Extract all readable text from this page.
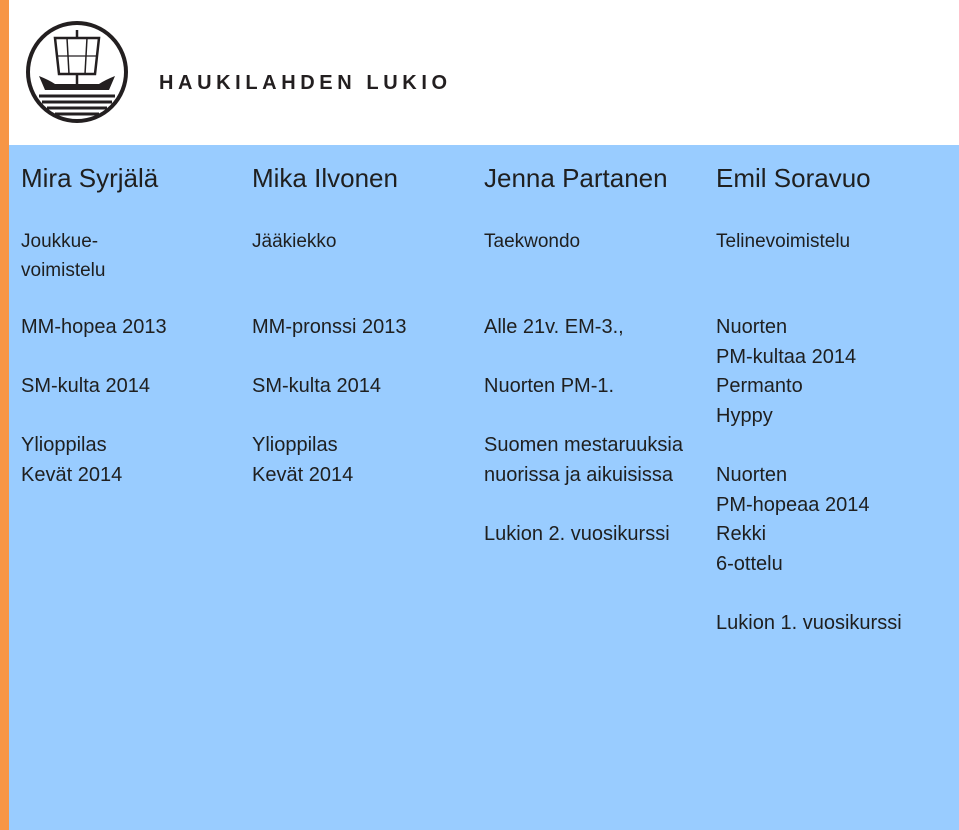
HAUKILAHDEN LUKIO
Mira Syrjälä
Joukkue-
voimistelu
MM-hopea 2013
SM-kulta 2014
Ylioppilas
Kevät 2014
Mika Ilvonen
Jääkiekko
MM-pronssi 2013
SM-kulta 2014
Ylioppilas
Kevät 2014
Jenna Partanen
Taekwondo
Alle 21v. EM-3.,
Nuorten PM-1.
Suomen mestaruuksia
nuorissa ja aikuisissa
Lukion 2. vuosikurssi
Emil Soravuo
Telinevoimistelu
Nuorten
PM-kultaa 2014
Permanto
Hyppy
Nuorten
PM-hopeaa 2014
Rekki
6-ottelu
Lukion 1. vuosikurssi
